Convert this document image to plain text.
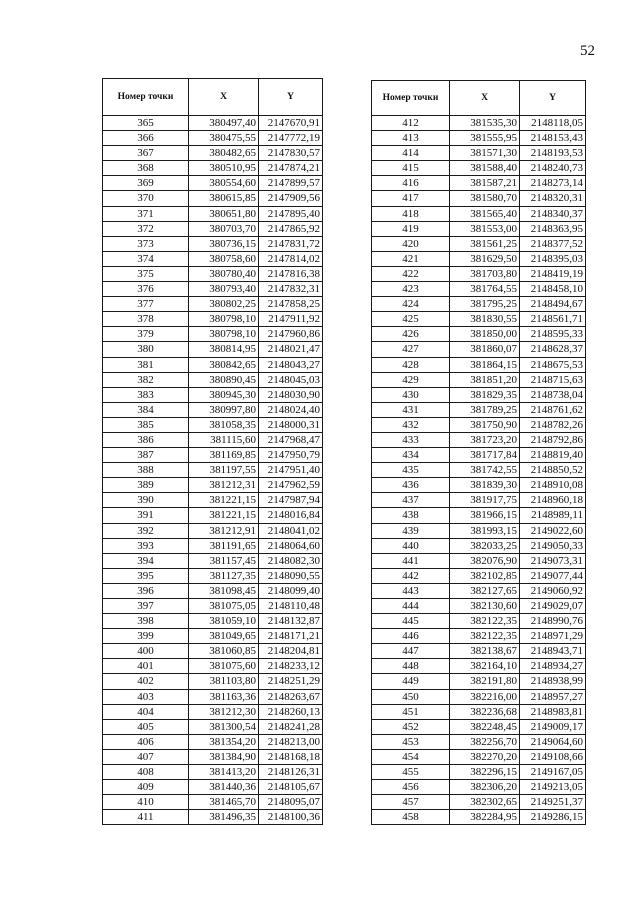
52
Номер точки	X	Y
365	380497,40	2147670,91
366	380475,55	2147772,19
367	380482,65	2147830,57
368	380510,95	2147874,21
369	380554,60	2147899,57
370	380615,85	2147909,56
371	380651,80	2147895,40
372	380703,70	2147865,92
373	380736,15	2147831,72
374	380758,60	2147814,02
375	380780,40	2147816,38
376	380793,40	2147832,31
377	380802,25	2147858,25
378	380798,10	2147911,92
379	380798,10	2147960,86
380	380814,95	2148021,47
381	380842,65	2148043,27
382	380890,45	2148045,03
383	380945,30	2148030,90
384	380997,80	2148024,40
385	381058,35	2148000,31
386	381115,60	2147968,47
387	381169,85	2147950,79
388	381197,55	2147951,40
389	381212,31	2147962,59
390	381221,15	2147987,94
391	381221,15	2148016,84
392	381212,91	2148041,02
393	381191,65	2148064,60
394	381157,45	2148082,30
395	381127,35	2148090,55
396	381098,45	2148099,40
397	381075,05	2148110,48
398	381059,10	2148132,87
399	381049,65	2148171,21
400	381060,85	2148204,81
401	381075,60	2148233,12
402	381103,80	2148251,29
403	381163,36	2148263,67
404	381212,30	2148260,13
405	381300,54	2148241,28
406	381354,20	2148213,00
407	381384,90	2148168,18
408	381413,20	2148126,31
409	381440,36	2148105,67
410	381465,70	2148095,07
411	381496,35	2148100,36
Номер точки	X	Y
412	381535,30	2148118,05
413	381555,95	2148153,43
414	381571,30	2148193,53
415	381588,40	2148240,73
416	381587,21	2148273,14
417	381580,70	2148320,31
418	381565,40	2148340,37
419	381553,00	2148363,95
420	381561,25	2148377,52
421	381629,50	2148395,03
422	381703,80	2148419,19
423	381764,55	2148458,10
424	381795,25	2148494,67
425	381830,55	2148561,71
426	381850,00	2148595,33
427	381860,07	2148628,37
428	381864,15	2148675,53
429	381851,20	2148715,63
430	381829,35	2148738,04
431	381789,25	2148761,62
432	381750,90	2148782,26
433	381723,20	2148792,86
434	381717,84	2148819,40
435	381742,55	2148850,52
436	381839,30	2148910,08
437	381917,75	2148960,18
438	381966,15	2148989,11
439	381993,15	2149022,60
440	382033,25	2149050,33
441	382076,90	2149073,31
442	382102,85	2149077,44
443	382127,65	2149060,92
444	382130,60	2149029,07
445	382122,35	2148990,76
446	382122,35	2148971,29
447	382138,67	2148943,71
448	382164,10	2148934,27
449	382191,80	2148938,99
450	382216,00	2148957,27
451	382236,68	2148983,81
452	382248,45	2149009,17
453	382256,70	2149064,60
454	382270,20	2149108,66
455	382296,15	2149167,05
456	382306,20	2149213,05
457	382302,65	2149251,37
458	382284,95	2149286,15
